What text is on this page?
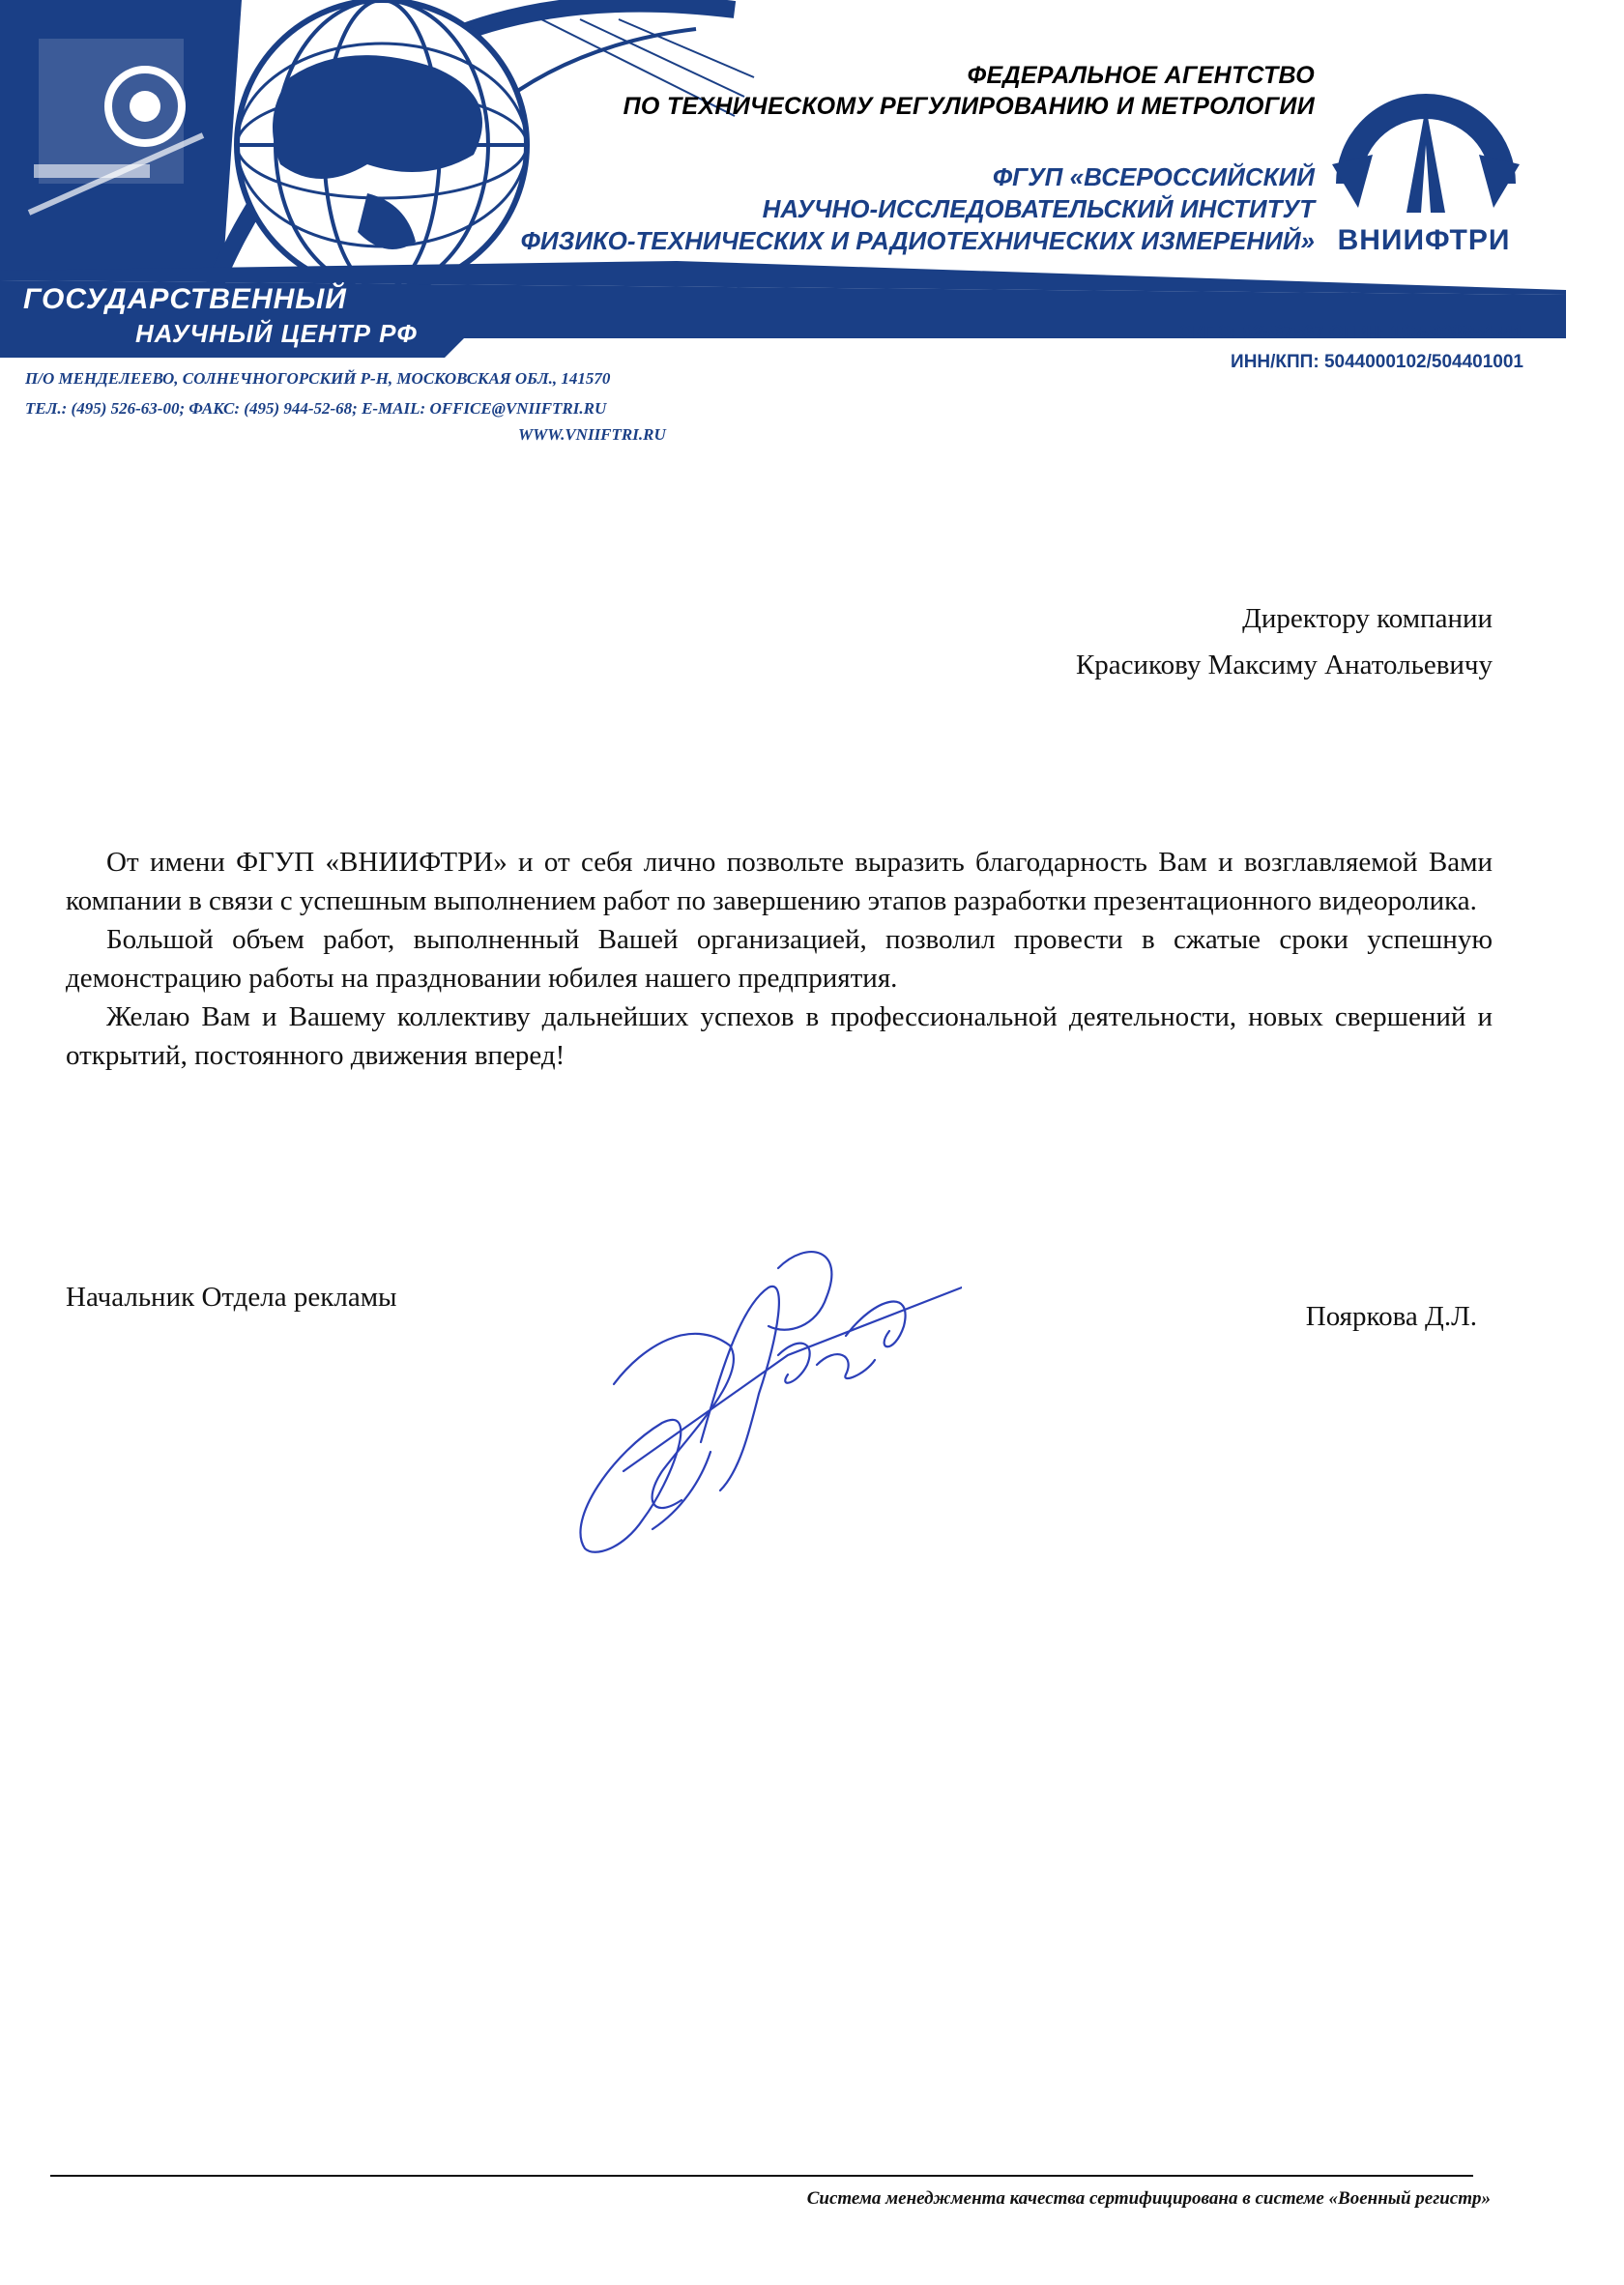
ФЕДЕРАЛЬНОЕ АГЕНТСТВО
ПО ТЕХНИЧЕСКОМУ РЕГУЛИРОВАНИЮ И МЕТРОЛОГИИ
ФГУП «ВСЕРОССИЙСКИЙ
НАУЧНО-ИССЛЕДОВАТЕЛЬСКИЙ ИНСТИТУТ
ФИЗИКО-ТЕХНИЧЕСКИХ И РАДИОТЕХНИЧЕСКИХ ИЗМЕРЕНИЙ» ВНИИФТРИ
ГОСУДАРСТВЕННЫЙ
НАУЧНЫЙ ЦЕНТР РФ	ОКПО: 02567567 ОГРН: 1035008854341
ИНН/КПП: 5044000102/504401001
П/О МЕНДЕЛЕЕВО, СОЛНЕЧНОГОРСКИЙ Р-Н, МОСКОВСКАЯ ОБЛ., 141570
ТЕЛ.: (495) 526-63-00; ФАКС: (495) 944-52-68; E-MAIL: OFFICE@VNIIFTRI.RU
WWW.VNIIFTRI.RU
Директору компании
Красикову Максиму Анатольевичу

От имени ФГУП «ВНИИФТРИ» и от себя лично позвольте выразить благодарность Вам и возглавляемой Вами компании в связи с успешным выполнением работ по завершению этапов разработки презентационного видеоролика.

Большой объем работ, выполненный Вашей организацией, позволил провести в сжатые сроки успешную демонстрацию работы на праздновании юбилея нашего предприятия.

Желаю Вам и Вашему коллективу дальнейших успехов в профессиональной деятельности, новых свершений и открытий, постоянного движения вперед!

Начальник Отдела рекламы
Пояркова Д.Л.
Система менеджмента качества сертифицирована в системе «Военный регистр»
